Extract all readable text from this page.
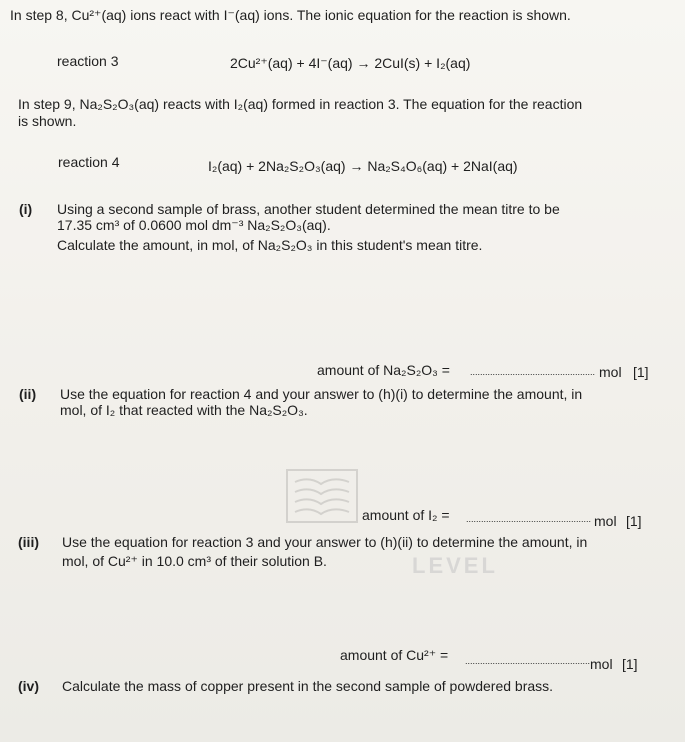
In step 8, Cu²⁺(aq) ions react with I⁻(aq) ions. The ionic equation for the reaction is shown.
reaction 3	2Cu²⁺(aq) + 4I⁻(aq) → 2CuI(s) + I₂(aq)
In step 9, Na₂S₂O₃(aq) reacts with I₂(aq) formed in reaction 3. The equation for the reaction
is shown.
reaction 4	I₂(aq) + 2Na₂S₂O₃(aq) → Na₂S₄O₆(aq) + 2NaI(aq)
(i) Using a second sample of brass, another student determined the mean titre to be
17.35 cm³ of 0.0600 mol dm⁻³ Na₂S₂O₃(aq).
Calculate the amount, in mol, of Na₂S₂O₃ in this student's mean titre.
amount of Na₂S₂O₃ = .................................................. mol [1]
(ii) Use the equation for reaction 4 and your answer to (h)(i) to determine the amount, in
mol, of I₂ that reacted with the Na₂S₂O₃.
amount of I₂ = .................................................. mol [1]
(iii) Use the equation for reaction 3 and your answer to (h)(ii) to determine the amount, in
mol, of Cu²⁺ in 10.0 cm³ of their solution B.	LEVEL
amount of Cu²⁺ = .................................................. mol [1]
(iv) Calculate the mass of copper present in the second sample of powdered brass.
